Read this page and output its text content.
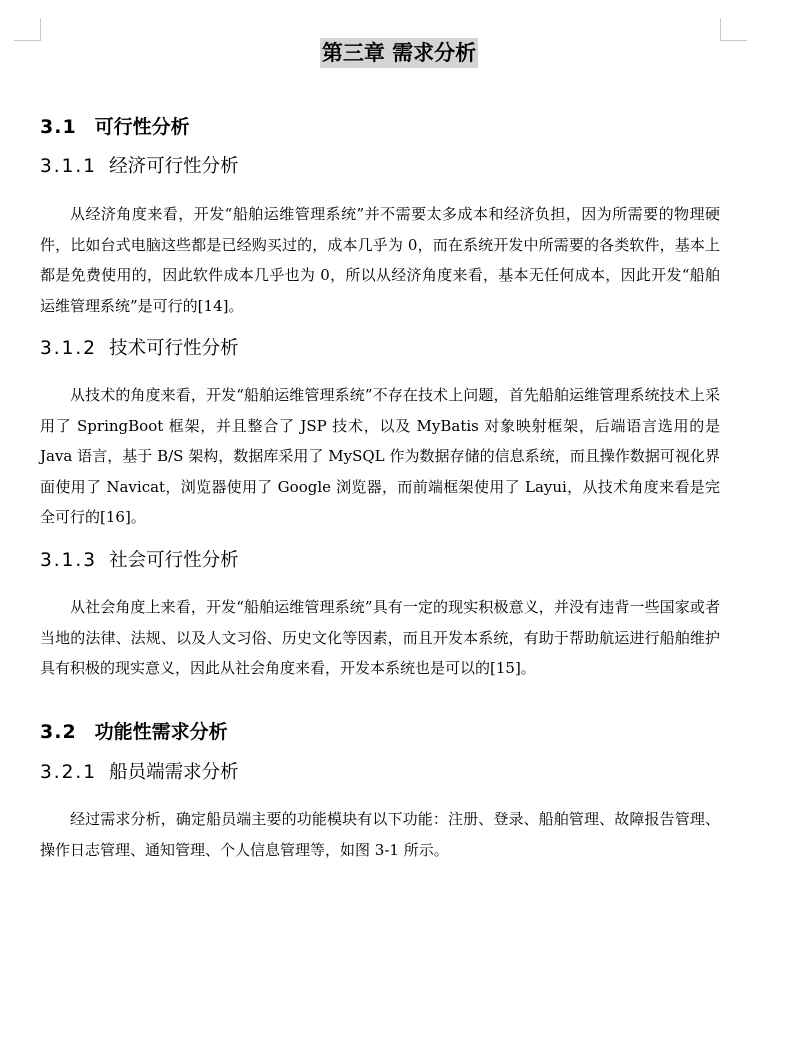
第三章 需求分析
3.1 可行性分析
3.1.1 经济可行性分析

从经济角度来看，开发“船舶运维管理系统”并不需要太多成本和经济负担，因为所需要的物理硬件，比如台式电脑这些都是已经购买过的，成本几乎为 0，而在系统开发中所需要的各类软件，基本上都是免费使用的，因此软件成本几乎也为 0，所以从经济角度来看，基本无任何成本，因此开发“船舶运维管理系统”是可行的[14]。

3.1.2 技术可行性分析

从技术的角度来看，开发“船舶运维管理系统”不存在技术上问题，首先船舶运维管理系统技术上采用了 SpringBoot 框架，并且整合了 JSP 技术，以及 MyBatis 对象映射框架，后端语言选用的是 Java 语言，基于 B/S 架构，数据库采用了 MySQL 作为数据存储的信息系统，而且操作数据可视化界面使用了 Navicat，浏览器使用了 Google 浏览器，而前端框架使用了 Layui，从技术角度来看是完全可行的[16]。

3.1.3 社会可行性分析

从社会角度上来看，开发“船舶运维管理系统”具有一定的现实积极意义，并没有违背一些国家或者当地的法律、法规、以及人文习俗、历史文化等因素，而且开发本系统，有助于帮助航运进行船舶维护具有积极的现实意义，因此从社会角度来看，开发本系统也是可以的[15]。

3.2 功能性需求分析
3.2.1 船员端需求分析

经过需求分析，确定船员端主要的功能模块有以下功能：注册、登录、船舶管理、故障报告管理、操作日志管理、通知管理、个人信息管理等，如图 3-1 所示。
